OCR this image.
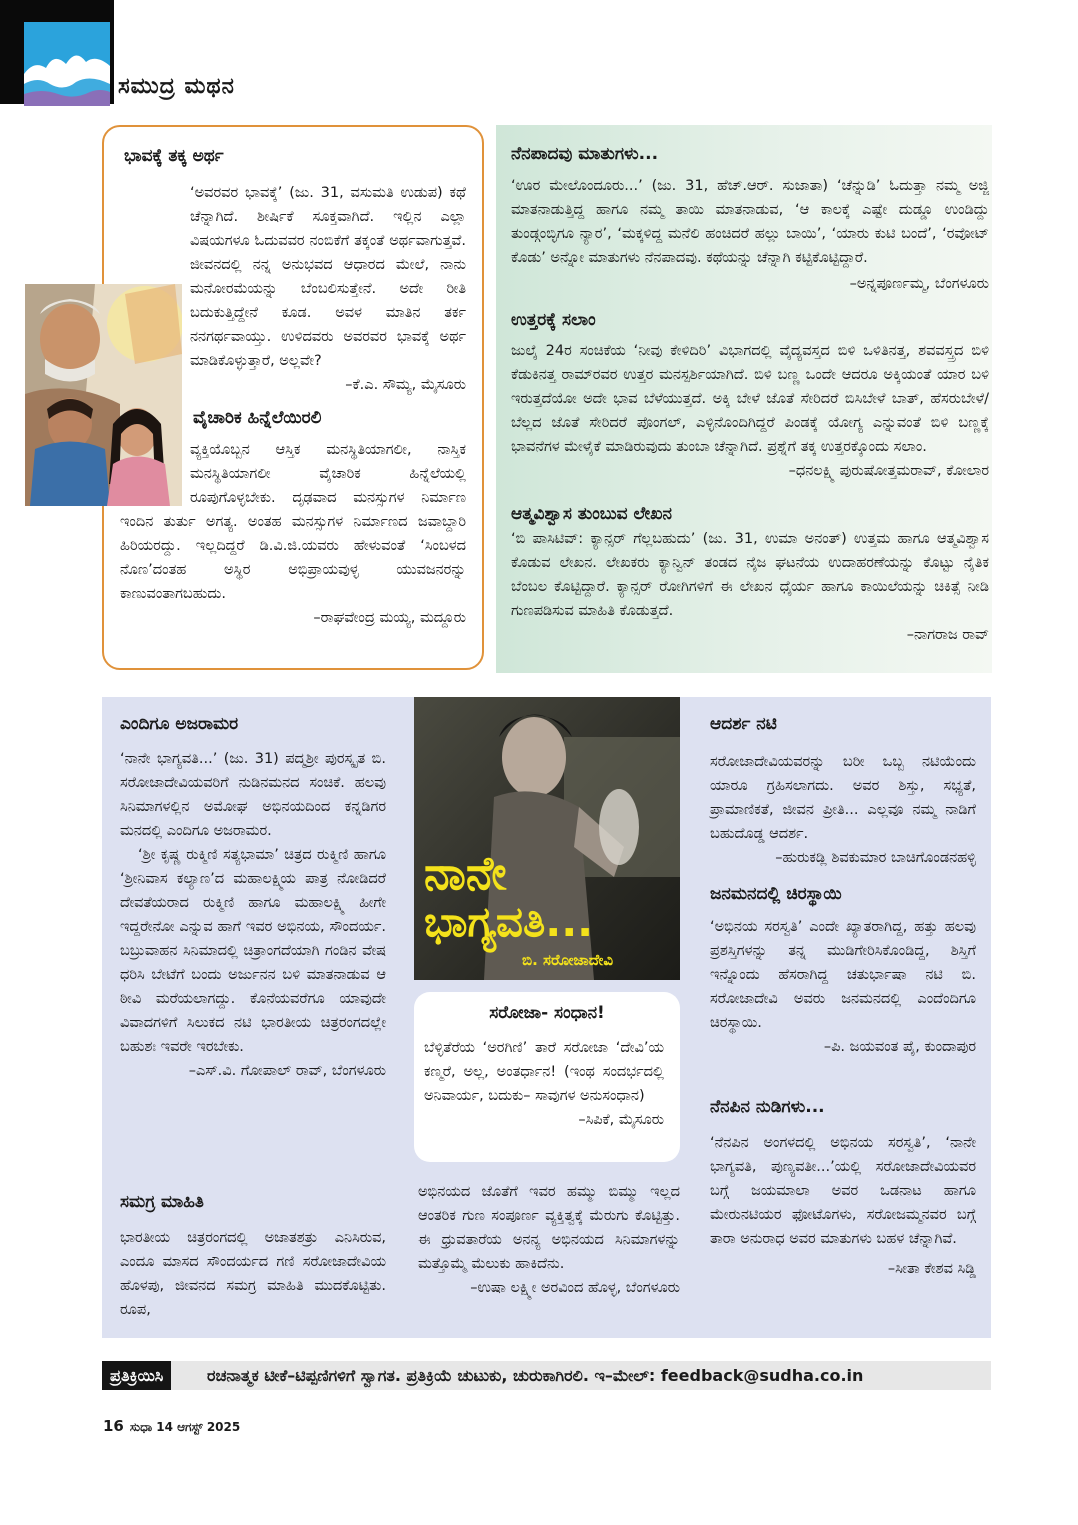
ಸಮುದ್ರ ಮಥನ
ಭಾವಕ್ಕೆ ತಕ್ಕ ಅರ್ಥ

‘ಅವರವರ ಭಾವಕ್ಕೆ’ (ಜು. 31, ವಸುಮತಿ ಉಡುಪ) ಕಥೆ ಚೆನ್ನಾಗಿದೆ. ಶೀರ್ಷಿಕೆ ಸೂಕ್ತವಾಗಿದೆ. ಇಲ್ಲಿನ ಎಲ್ಲಾ ವಿಷಯಗಳೂ ಓದುವವರ ನಂಬಿಕೆಗೆ ತಕ್ಕಂತೆ ಅರ್ಥವಾಗುತ್ತವೆ. ಜೀವನದಲ್ಲಿ ನನ್ನ ಅನುಭವದ ಆಧಾರದ ಮೇಲೆ, ನಾನು ಮನೋರಮೆಯನ್ನು ಬೆಂಬಲಿಸುತ್ತೇನೆ. ಅದೇ ರೀತಿ ಬದುಕುತ್ತಿದ್ದೇನೆ ಕೂಡ. ಅವಳ ಮಾತಿನ ತರ್ಕ ನನಗರ್ಥವಾಯ್ತು. ಉಳಿದವರು ಅವರವರ ಭಾವಕ್ಕೆ ಅರ್ಥ ಮಾಡಿಕೊಳ್ಳುತ್ತಾರೆ, ಅಲ್ಲವೇ?

–ಕೆ.ಎ. ಸೌಮ್ಯ, ಮೈಸೂರು

ವೈಚಾರಿಕ ಹಿನ್ನೆಲೆಯಿರಲಿ

ವ್ಯಕ್ತಿಯೊಬ್ಬನ ಆಸ್ತಿಕ ಮನಸ್ಥಿತಿಯಾಗಲೀ, ನಾಸ್ತಿಕ ಮನಸ್ಥಿತಿಯಾಗಲೀ ವೈಚಾರಿಕ ಹಿನ್ನೆಲೆಯಲ್ಲಿ ರೂಪುಗೊಳ್ಳಬೇಕು. ದೃಢವಾದ ಮನಸ್ಸುಗಳ ನಿರ್ಮಾಣ ಇಂದಿನ ತುರ್ತು ಅಗತ್ಯ. ಅಂತಹ ಮನಸ್ಸುಗಳ ನಿರ್ಮಾಣದ ಜವಾಬ್ದಾರಿ ಹಿರಿಯರದ್ದು. ಇಲ್ಲದಿದ್ದರೆ ಡಿ.ವಿ.ಜಿ.ಯವರು ಹೇಳುವಂತೆ ‘ಸಿಂಬಳದ ನೊಣ’ದಂತಹ ಅಸ್ಥಿರ ಅಭಿಪ್ರಾಯವುಳ್ಳ ಯುವಜನರನ್ನು ಕಾಣುವಂತಾಗಬಹುದು.

–ರಾಘವೇಂದ್ರ ಮಯ್ಯ, ಮದ್ದೂರು

ನೆನಪಾದವು ಮಾತುಗಳು...

‘ಊರ ಮೇಲೊಂದೂರು...’ (ಜು. 31, ಹೆಚ್.ಆರ್. ಸುಜಾತಾ) ‘ಚೆನ್ನುಡಿ’ ಓದುತ್ತಾ ನಮ್ಮ ಅಜ್ಜಿ ಮಾತನಾಡುತ್ತಿದ್ದ ಹಾಗೂ ನಮ್ಮ ತಾಯಿ ಮಾತನಾಡುವ, ‘ಆ ಕಾಲಕ್ಕೆ ಎಷ್ಟೇ ದುಡ್ಡೂ ಉಂಡಿದ್ದು ತುಂಡ್ಗಂಬ್ಳಿಗೂ ನ್ಯಾರ’, ‘ಮಕ್ಕಳಿದ್ದ ಮನೆಲಿ ಹಂಚಿದರೆ ಹಲ್ಲು ಬಾಯಿ’, ‘ಯಾರು ಕುಟಿ ಬಂದೆ’, ‘ರವೋಟ್ ಕೊಡು’ ಅನ್ನೋ ಮಾತುಗಳು ನೆನಪಾದವು. ಕಥೆಯನ್ನು ಚೆನ್ನಾಗಿ ಕಟ್ಟಿಕೊಟ್ಟಿದ್ದಾರೆ.

–ಅನ್ನಪೂರ್ಣಮ್ಮ, ಬೆಂಗಳೂರು

ಉತ್ತರಕ್ಕೆ ಸಲಾಂ

ಜುಲೈ 24ರ ಸಂಚಿಕೆಯ ‘ನೀವು ಕೇಳಿದಿರಿ’ ವಿಭಾಗದಲ್ಲಿ ವೈದ್ಯವಸ್ತದ ಬಿಳಿ ಒಳಿತಿನತ್ತ, ಶವವಸ್ತ್ರದ ಬಿಳಿ ಕೆಡುಕಿನತ್ತ ರಾಮ್‌ರವರ ಉತ್ತರ ಮನಸ್ಪರ್ಶಿಯಾಗಿದೆ. ಬಿಳಿ ಬಣ್ಣ ಒಂದೇ ಆದರೂ ಅಕ್ಕಿಯಂತೆ ಯಾರ ಬಳಿ ಇರುತ್ತದೆಯೋ ಅದೇ ಭಾವ ಬೆಳೆಯುತ್ತದೆ. ಅಕ್ಕಿ ಬೇಳೆ ಜೊತೆ ಸೇರಿದರೆ ಬಿಸಿಬೇಳೆ ಬಾತ್, ಹೆಸರುಬೇಳೆ/ಬೆಲ್ಲದ ಜೊತೆ ಸೇರಿದರೆ ಪೊಂಗಲ್, ಎಳ್ಳಿನೊಂದಿಗಿದ್ದರೆ ಪಿಂಡಕ್ಕೆ ಯೋಗ್ಯ ಎನ್ನುವಂತೆ ಬಿಳಿ ಬಣ್ಣಕ್ಕೆ ಭಾವನೆಗಳ ಮೇಳೈಕೆ ಮಾಡಿರುವುದು ತುಂಬಾ ಚೆನ್ನಾಗಿದೆ. ಪ್ರಶ್ನೆಗೆ ತಕ್ಕ ಉತ್ತರಕ್ಕೊಂದು ಸಲಾಂ.

–ಧನಲಕ್ಷ್ಮಿ ಪುರುಷೋತ್ತಮರಾವ್, ಕೋಲಾರ

ಆತ್ಮವಿಶ್ವಾಸ ತುಂಬುವ ಲೇಖನ

‘ಬಿ ಪಾಸಿಟಿವ್: ಕ್ಯಾನ್ಸರ್ ಗೆಲ್ಲಬಹುದು’ (ಜು. 31, ಉಮಾ ಅನಂತ್) ಉತ್ತಮ ಹಾಗೂ ಆತ್ಮವಿಶ್ವಾಸ ಕೊಡುವ ಲೇಖನ. ಲೇಖಕರು ಕ್ಯಾನ್ವಿನ್ ತಂಡದ ನೈಜ ಘಟನೆಯ ಉದಾಹರಣೆಯನ್ನು ಕೊಟ್ಟು ನೈತಿಕ ಬೆಂಬಲ ಕೊಟ್ಟಿದ್ದಾರೆ. ಕ್ಯಾನ್ಸರ್ ರೋಗಿಗಳಿಗೆ ಈ ಲೇಖನ ಧೈರ್ಯ ಹಾಗೂ ಕಾಯಿಲೆಯನ್ನು ಚಿಕಿತ್ಸೆ ನೀಡಿ ಗುಣಪಡಿಸುವ ಮಾಹಿತಿ ಕೊಡುತ್ತದೆ.

–ನಾಗರಾಜ ರಾವ್

ಎಂದಿಗೂ ಅಜರಾಮರ

‘ನಾನೇ ಭಾಗ್ಯವತಿ...’ (ಜು. 31) ಪದ್ಮಶ್ರೀ ಪುರಸ್ಕೃತ ಬಿ. ಸರೋಜಾದೇವಿಯವರಿಗೆ ನುಡಿನಮನದ ಸಂಚಿಕೆ. ಹಲವು ಸಿನಿಮಾಗಳಲ್ಲಿನ ಅಮೋಘ ಅಭಿನಯದಿಂದ ಕನ್ನಡಿಗರ ಮನದಲ್ಲಿ ಎಂದಿಗೂ ಅಜರಾಮರ.

‘ಶ್ರೀ ಕೃಷ್ಣ ರುಕ್ಮಿಣಿ ಸತ್ಯಭಾಮಾ’ ಚಿತ್ರದ ರುಕ್ಮಿಣಿ ಹಾಗೂ ‘ಶ್ರೀನಿವಾಸ ಕಲ್ಯಾಣ’ದ ಮಹಾಲಕ್ಷ್ಮಿಯ ಪಾತ್ರ ನೋಡಿದರೆ ದೇವತೆಯರಾದ ರುಕ್ಮಿಣಿ ಹಾಗೂ ಮಹಾಲಕ್ಷ್ಮಿ ಹೀಗೇ ಇದ್ದರೇನೋ ಎನ್ನುವ ಹಾಗೆ ಇವರ ಅಭಿನಯ, ಸೌಂದರ್ಯ. ಬಬ್ರುವಾಹನ ಸಿನಿಮಾದಲ್ಲಿ ಚಿತ್ರಾಂಗದೆಯಾಗಿ ಗಂಡಿನ ವೇಷ ಧರಿಸಿ ಬೇಟೆಗೆ ಬಂದು ಅರ್ಜುನನ ಬಳಿ ಮಾತನಾಡುವ ಆ ಠೀವಿ ಮರೆಯಲಾಗದ್ದು. ಕೊನೆಯವರೆಗೂ ಯಾವುದೇ ವಿವಾದಗಳಿಗೆ ಸಿಲುಕದ ನಟಿ ಭಾರತೀಯ ಚಿತ್ರರಂಗದಲ್ಲೇ ಬಹುಶಃ ಇವರೇ ಇರಬೇಕು.

–ಎಸ್.ವಿ. ಗೋಪಾಲ್ ರಾವ್, ಬೆಂಗಳೂರು

ಸಮಗ್ರ ಮಾಹಿತಿ

ಭಾರತೀಯ ಚಿತ್ರರಂಗದಲ್ಲಿ ಅಜಾತಶತ್ರು ಎನಿಸಿರುವ, ಎಂದೂ ಮಾಸದ ಸೌಂದರ್ಯದ ಗಣಿ ಸರೋಜಾದೇವಿಯ ಹೊಳಪು, ಜೀವನದ ಸಮಗ್ರ ಮಾಹಿತಿ ಮುದಕೊಟ್ಟಿತು. ರೂಪ,

ನಾನೇ
ಭಾಗ್ಯವತಿ...
ಬಿ. ಸರೋಜಾದೇವಿ
ಸರೋಜಾ- ಸಂಧಾನ!

ಬೆಳ್ಳಿತೆರೆಯ ‘ಅರಗಿಣಿ’ ತಾರೆ ಸರೋಜಾ ‘ದೇವಿ’ಯ ಕಣ್ಮರೆ, ಅಲ್ಲ, ಅಂತರ್ಧಾನ! (ಇಂಥ ಸಂದರ್ಭದಲ್ಲಿ ಅನಿವಾರ್ಯ, ಬದುಕು– ಸಾವುಗಳ ಅನುಸಂಧಾನ)

–ಸಿಪಿಕೆ, ಮೈಸೂರು

ಅಭಿನಯದ ಜೊತೆಗೆ ಇವರ ಹಮ್ಮು ಬಿಮ್ಮು ಇಲ್ಲದ ಆಂತರಿಕ ಗುಣ ಸಂಪೂರ್ಣ ವ್ಯಕ್ತಿತ್ವಕ್ಕೆ ಮೆರುಗು ಕೊಟ್ಟಿತ್ತು. ಈ ಧ್ರುವತಾರೆಯ ಅನನ್ಯ ಅಭಿನಯದ ಸಿನಿಮಾಗಳನ್ನು ಮತ್ತೊಮ್ಮೆ ಮೆಲುಕು ಹಾಕಿದೆನು.

–ಉಷಾ ಲಕ್ಷ್ಮೀ ಅರವಿಂದ ಹೊಳ್ಳ, ಬೆಂಗಳೂರು

ಆದರ್ಶ ನಟಿ

ಸರೋಜಾದೇವಿಯವರನ್ನು ಬರೀ ಒಬ್ಬ ನಟಿಯೆಂದು ಯಾರೂ ಗ್ರಹಿಸಲಾಗದು. ಅವರ ಶಿಸ್ತು, ಸಭ್ಯತೆ, ಪ್ರಾಮಾಣಿಕತೆ, ಜೀವನ ಪ್ರೀತಿ... ಎಲ್ಲವೂ ನಮ್ಮ ನಾಡಿಗೆ ಬಹುದೊಡ್ಡ ಆದರ್ಶ.

–ಹುರುಕಡ್ಲಿ ಶಿವಕುಮಾರ ಬಾಚಿಗೊಂಡನಹಳ್ಳಿ

ಜನಮನದಲ್ಲಿ ಚಿರಸ್ಥಾಯಿ

‘ಅಭಿನಯ ಸರಸ್ವತಿ’ ಎಂದೇ ಖ್ಯಾತರಾಗಿದ್ದ, ಹತ್ತು ಹಲವು ಪ್ರಶಸ್ತಿಗಳನ್ನು ತನ್ನ ಮುಡಿಗೇರಿಸಿಕೊಂಡಿದ್ದ, ಶಿಸ್ತಿಗೆ ಇನ್ನೊಂದು ಹೆಸರಾಗಿದ್ದ ಚತುರ್ಭಾಷಾ ನಟಿ ಬಿ. ಸರೋಜಾದೇವಿ ಅವರು ಜನಮನದಲ್ಲಿ ಎಂದೆಂದಿಗೂ ಚಿರಸ್ಥಾಯಿ.

–ಪಿ. ಜಯವಂತ ಪೈ, ಕುಂದಾಪುರ

ನೆನಪಿನ ನುಡಿಗಳು...

‘ನೆನಪಿನ ಅಂಗಳದಲ್ಲಿ ಅಭಿನಯ ಸರಸ್ವತಿ’, ‘ನಾನೇ ಭಾಗ್ಯವತಿ, ಪುಣ್ಯವತೀ...’ಯಲ್ಲಿ ಸರೋಜಾದೇವಿಯವರ ಬಗ್ಗೆ ಜಯಮಾಲಾ ಅವರ ಒಡನಾಟ ಹಾಗೂ ಮೇರುನಟಿಯರ ಫೋಟೊಗಳು, ಸರೋಜಮ್ಮನವರ ಬಗ್ಗೆ ತಾರಾ ಅನುರಾಧ ಅವರ ಮಾತುಗಳು ಬಹಳ ಚೆನ್ನಾಗಿವೆ.

–ಸೀತಾ ಕೇಶವ ಸಿಡ್ಡಿ

ಪ್ರತಿಕ್ರಿಯಿಸಿ	ರಚನಾತ್ಮಕ ಟೀಕೆ–ಟಿಪ್ಪಣಿಗಳಿಗೆ ಸ್ವಾಗತ. ಪ್ರತಿಕ್ರಿಯೆ ಚುಟುಕು, ಚುರುಕಾಗಿರಲಿ. ಇ–ಮೇಲ್: feedback@sudha.co.in
16 ಸುಧಾ 14 ಆಗಸ್ಟ್ 2025
